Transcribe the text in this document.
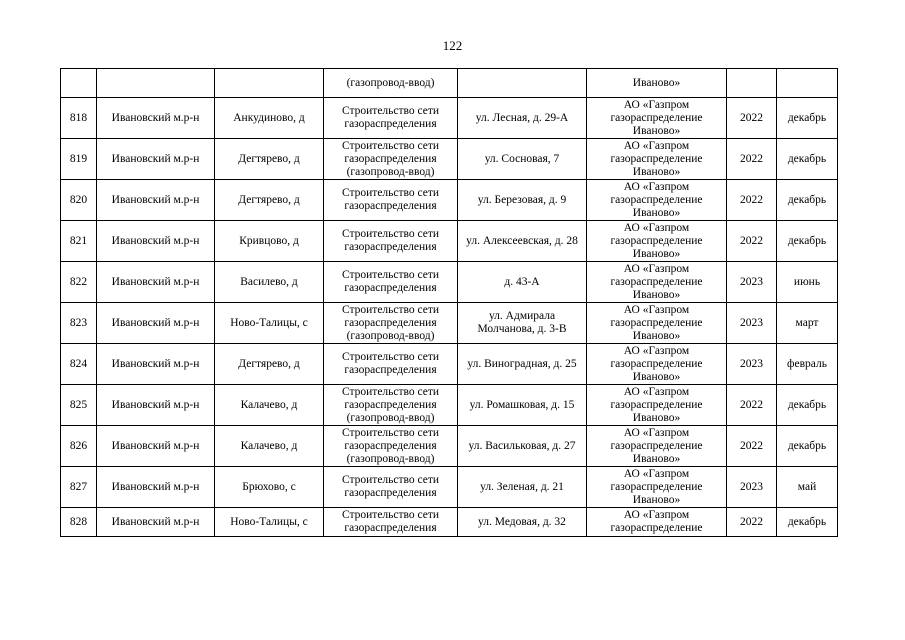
122
			(газопровод-ввод)		Иваново»		
818	Ивановский м.р-н	Анкудиново, д	Строительство сети
газораспределения	ул. Лесная, д. 29-А	АО «Газпром
газораспределение
Иваново»	2022	декабрь
819	Ивановский м.р-н	Дегтярево, д	Строительство сети
газораспределения
(газопровод-ввод)	ул. Сосновая, 7	АО «Газпром
газораспределение
Иваново»	2022	декабрь
820	Ивановский м.р-н	Дегтярево, д	Строительство сети
газораспределения	ул. Березовая, д. 9	АО «Газпром
газораспределение
Иваново»	2022	декабрь
821	Ивановский м.р-н	Кривцово, д	Строительство сети
газораспределения	ул. Алексеевская, д. 28	АО «Газпром
газораспределение
Иваново»	2022	декабрь
822	Ивановский м.р-н	Василево, д	Строительство сети
газораспределения	д. 43-А	АО «Газпром
газораспределение
Иваново»	2023	июнь
823	Ивановский м.р-н	Ново-Талицы, с	Строительство сети
газораспределения
(газопровод-ввод)	ул. Адмирала
Молчанова, д. 3-В	АО «Газпром
газораспределение
Иваново»	2023	март
824	Ивановский м.р-н	Дегтярево, д	Строительство сети
газораспределения	ул. Виноградная, д. 25	АО «Газпром
газораспределение
Иваново»	2023	февраль
825	Ивановский м.р-н	Калачево, д	Строительство сети
газораспределения
(газопровод-ввод)	ул. Ромашковая, д. 15	АО «Газпром
газораспределение
Иваново»	2022	декабрь
826	Ивановский м.р-н	Калачево, д	Строительство сети
газораспределения
(газопровод-ввод)	ул. Васильковая, д. 27	АО «Газпром
газораспределение
Иваново»	2022	декабрь
827	Ивановский м.р-н	Брюхово, с	Строительство сети
газораспределения	ул. Зеленая, д. 21	АО «Газпром
газораспределение
Иваново»	2023	май
828	Ивановский м.р-н	Ново-Талицы, с	Строительство сети
газораспределения	ул. Медовая, д. 32	АО «Газпром
газораспределение	2022	декабрь
